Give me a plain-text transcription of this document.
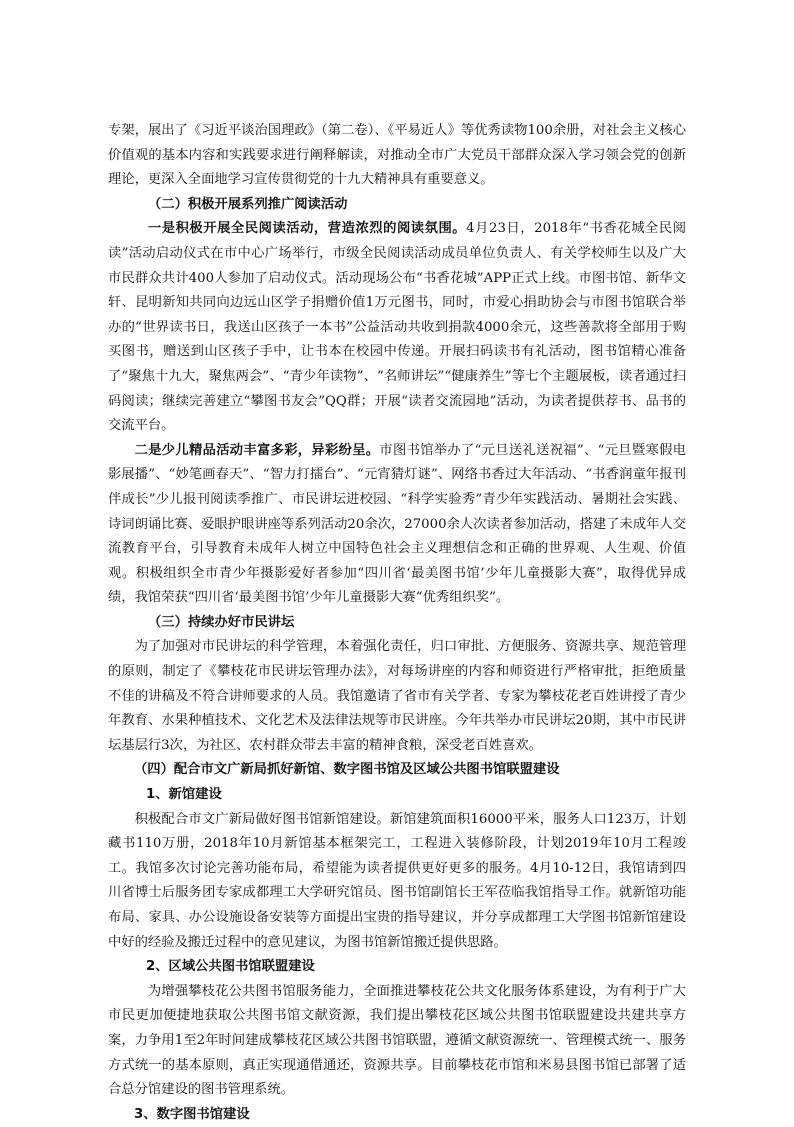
专架，展出了《习近平谈治国理政》（第二卷）、《平易近人》等优秀读物100余册，对社会主义核心价值观的基本内容和实践要求进行阐释解读，对推动全市广大党员干部群众深入学习领会党的创新理论，更深入全面地学习宣传贯彻党的十九大精神具有重要意义。

（二）积极开展系列推广阅读活动

一是积极开展全民阅读活动，营造浓烈的阅读氛围。4月23日，2018年“书香花城全民阅读”活动启动仪式在市中心广场举行，市级全民阅读活动成员单位负责人、有关学校师生以及广大市民群众共计400人参加了启动仪式。活动现场公布“书香花城”APP正式上线。市图书馆、新华文轩、昆明新知共同向边远山区学子捐赠价值1万元图书，同时，市爱心捐助协会与市图书馆联合举办的“世界读书日，我送山区孩子一本书”公益活动共收到捐款4000余元，这些善款将全部用于购买图书，赠送到山区孩子手中，让书本在校园中传递。开展扫码读书有礼活动，图书馆精心准备了“聚焦十九大，聚焦两会”、“青少年读物”、“名师讲坛”“健康养生”等七个主题展板，读者通过扫码阅读；继续完善建立“攀图书友会”QQ群；开展“读者交流园地”活动，为读者提供荐书、品书的交流平台。

二是少儿精品活动丰富多彩，异彩纷呈。市图书馆举办了“元旦送礼送祝福”、“元旦暨寒假电影展播”、“妙笔画春天”、“智力打擂台”、“元宵猜灯谜”、网络书香过大年活动、“书香润童年报刊伴成长”少儿报刊阅读季推广、市民讲坛进校园、“科学实验秀”青少年实践活动、暑期社会实践、诗词朗诵比赛、爱眼护眼讲座等系列活动20余次，27000余人次读者参加活动，搭建了未成年人交流教育平台，引导教育未成年人树立中国特色社会主义理想信念和正确的世界观、人生观、价值观。积极组织全市青少年摄影爱好者参加“四川省‘最美图书馆’少年儿童摄影大赛”，取得优异成绩，我馆荣获“四川省‘最美图书馆’少年儿童摄影大赛“优秀组织奖”。

（三）持续办好市民讲坛

为了加强对市民讲坛的科学管理，本着强化责任，归口审批、方便服务、资源共享、规范管理的原则，制定了《攀枝花市民讲坛管理办法》，对每场讲座的内容和师资进行严格审批，拒绝质量不佳的讲稿及不符合讲师要求的人员。我馆邀请了省市有关学者、专家为攀枝花老百姓讲授了青少年教育、水果种植技术、文化艺术及法律法规等市民讲座。今年共举办市民讲坛20期，其中市民讲坛基层行3次，为社区、农村群众带去丰富的精神食粮，深受老百姓喜欢。

（四）配合市文广新局抓好新馆、数字图书馆及区域公共图书馆联盟建设
1、新馆建设

积极配合市文广新局做好图书馆新馆建设。新馆建筑面积16000平米，服务人口123万，计划藏书110万册，2018年10月新馆基本框架完工，工程进入装修阶段，计划2019年10月工程竣工。我馆多次讨论完善功能布局，希望能为读者提供更好更多的服务。4月10-12日，我馆请到四川省博士后服务团专家成都理工大学研究馆员、图书馆副馆长王军莅临我馆指导工作。就新馆功能布局、家具、办公设施设备安装等方面提出宝贵的指导建议，并分享成都理工大学图书馆新馆建设中好的经验及搬迁过程中的意见建议，为图书馆新馆搬迁提供思路。

2、区域公共图书馆联盟建设

为增强攀枝花公共图书馆服务能力，全面推进攀枝花公共文化服务体系建设，为有利于广大市民更加便捷地获取公共图书馆文献资源，我们提出攀枝花区域公共图书馆联盟建设共建共享方案，力争用1至2年时间建成攀枝花区域公共图书馆联盟，遵循文献资源统一、管理模式统一、服务方式统一的基本原则，真正实现通借通还，资源共享。目前攀枝花市馆和米易县图书馆已部署了适合总分馆建设的图书管理系统。

3、数字图书馆建设
